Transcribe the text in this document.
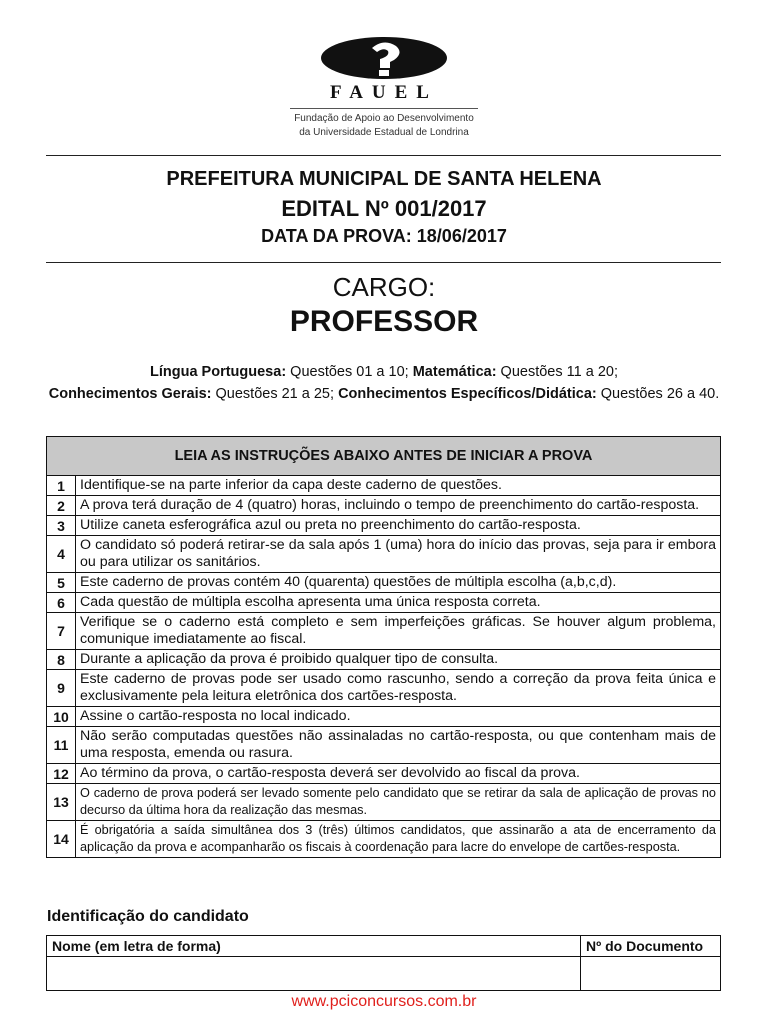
FAUEL
Fundação de Apoio ao Desenvolvimento
da Universidade Estadual de Londrina
PREFEITURA MUNICIPAL DE SANTA HELENA
EDITAL Nº 001/2017
DATA DA PROVA: 18/06/2017
CARGO:
PROFESSOR
Língua Portuguesa: Questões 01 a 10; Matemática: Questões 11 a 20;
Conhecimentos Gerais: Questões 21 a 25; Conhecimentos Específicos/Didática: Questões 26 a 40.
LEIA AS INSTRUÇÕES ABAIXO ANTES DE INICIAR A PROVA	
1	Identifique-se na parte inferior da capa deste caderno de questões.
2	A prova terá duração de 4 (quatro) horas, incluindo o tempo de preenchimento do cartão-resposta.
3	Utilize caneta esferográfica azul ou preta no preenchimento do cartão-resposta.
4	O candidato só poderá retirar-se da sala após 1 (uma) hora do início das provas, seja para ir embora ou para utilizar os sanitários.
5	Este caderno de provas contém 40 (quarenta) questões de múltipla escolha (a,b,c,d).
6	Cada questão de múltipla escolha apresenta uma única resposta correta.
7	Verifique se o caderno está completo e sem imperfeições gráficas. Se houver algum problema, comunique imediatamente ao fiscal.
8	Durante a aplicação da prova é proibido qualquer tipo de consulta.
9	Este caderno de provas pode ser usado como rascunho, sendo a correção da prova feita única e exclusivamente pela leitura eletrônica dos cartões-resposta.
10	Assine o cartão-resposta no local indicado.
11	Não serão computadas questões não assinaladas no cartão-resposta, ou que contenham mais de uma resposta, emenda ou rasura.
12	Ao término da prova, o cartão-resposta deverá ser devolvido ao fiscal da prova.
13	O caderno de prova poderá ser levado somente pelo candidato que se retirar da sala de aplicação de provas no decurso da última hora da realização das mesmas.
14	É obrigatória a saída simultânea dos 3 (três) últimos candidatos, que assinarão a ata de encerramento da aplicação da prova e acompanharão os fiscais à coordenação para lacre do envelope de cartões-resposta.
Identificação do candidato
Nome (em letra de forma)	Nº do Documento

www.pciconcursos.com.br
